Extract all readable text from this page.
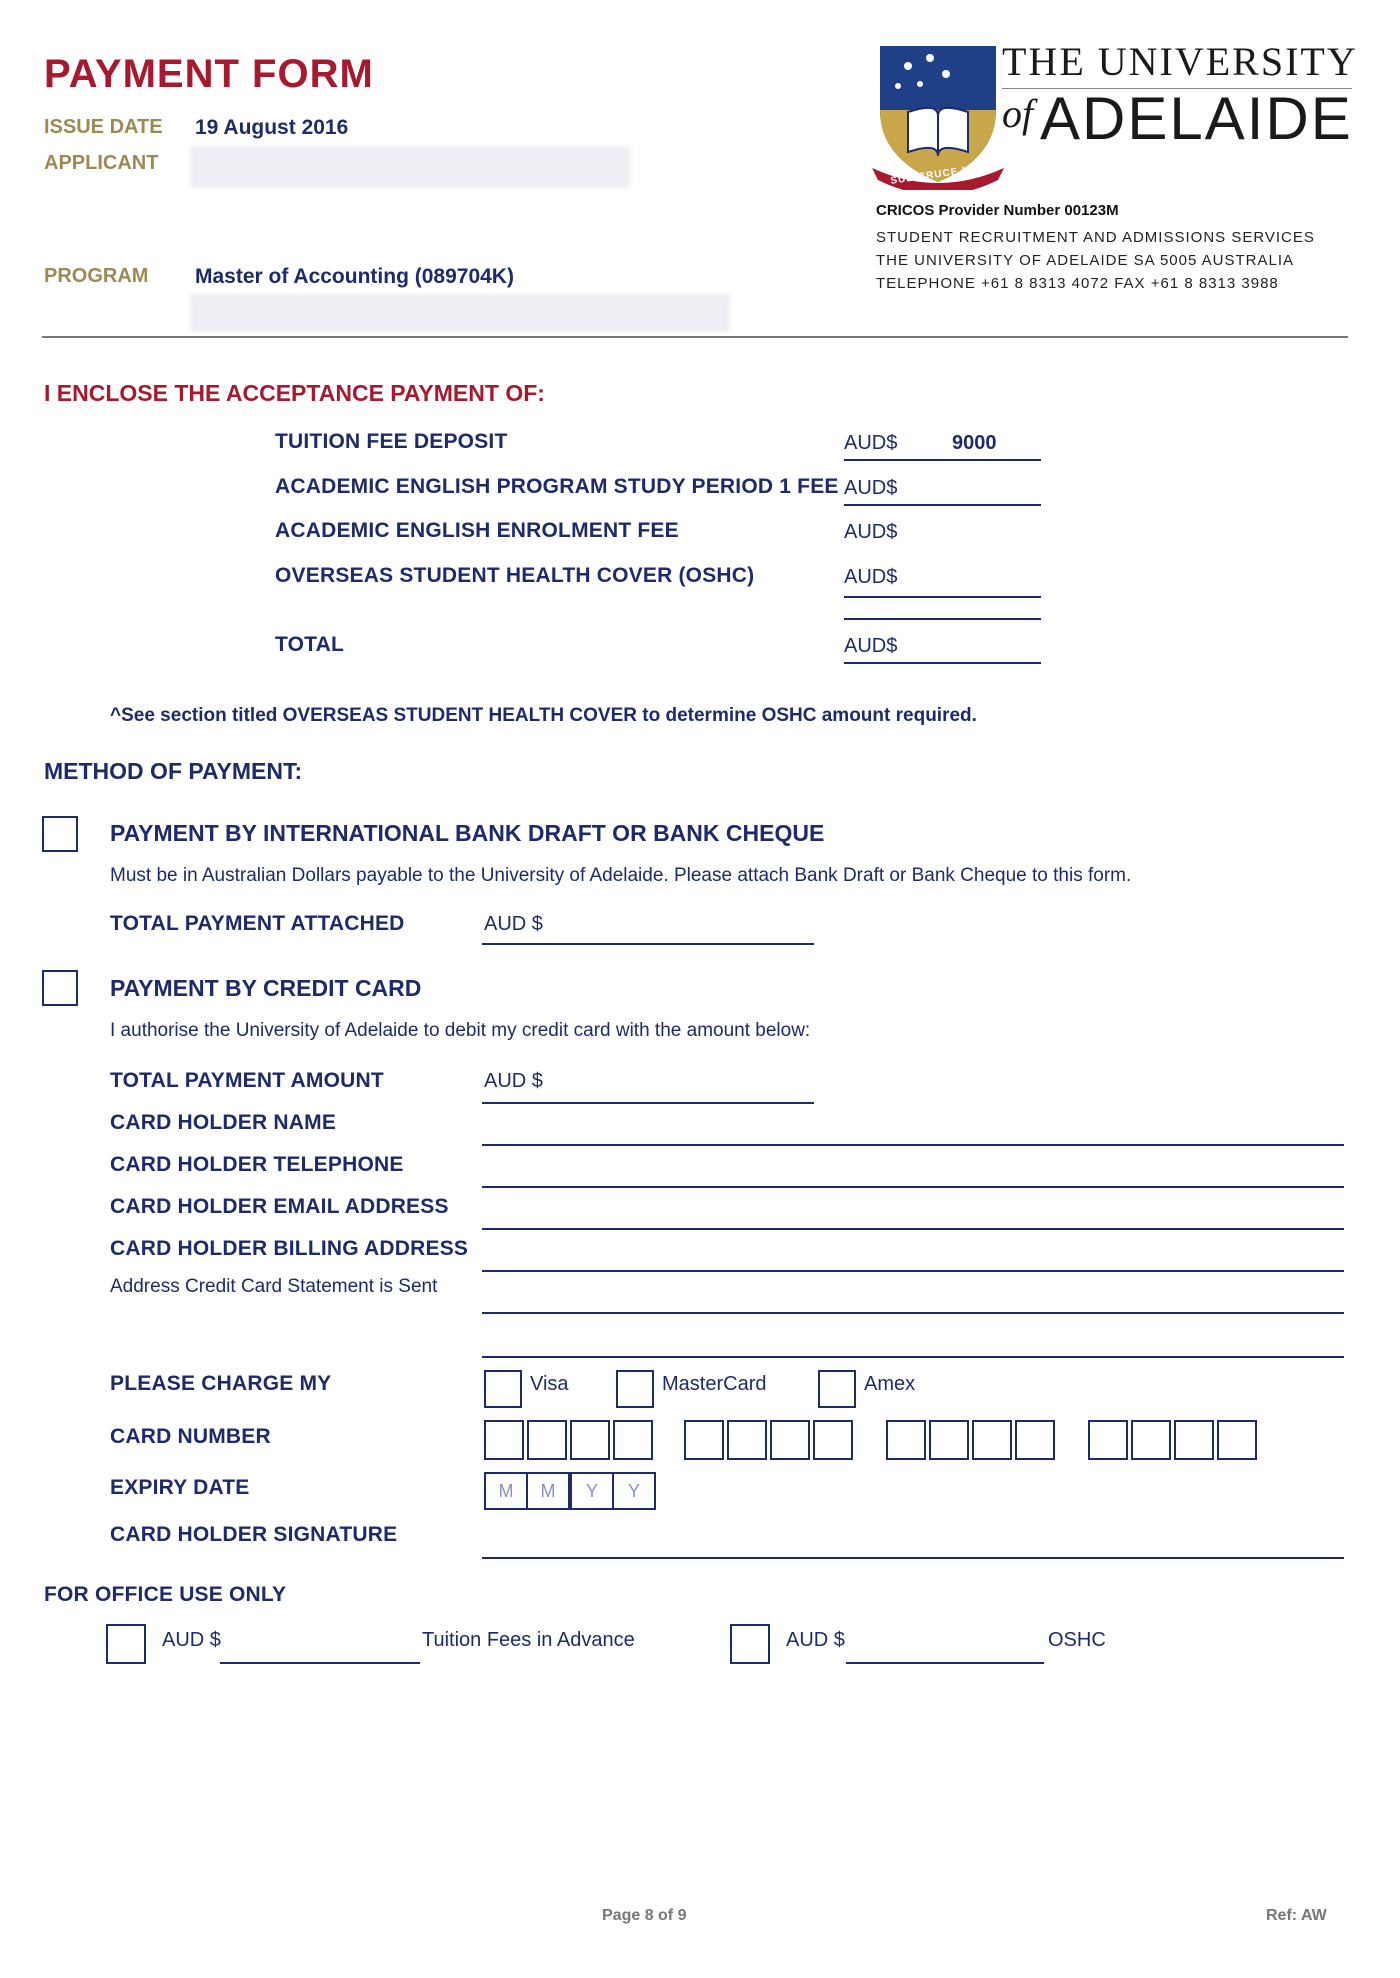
PAYMENT FORM
ISSUE DATE 19 August 2016
APPLICANT
PROGRAM Master of Accounting (089704K)
SUB CRUCE LUMEN
THE UNIVERSITY
of ADELAIDE
CRICOS Provider Number 00123M
STUDENT RECRUITMENT AND ADMISSIONS SERVICES
THE UNIVERSITY OF ADELAIDE SA 5005 AUSTRALIA
TELEPHONE +61 8 8313 4072 FAX +61 8 8313 3988
I ENCLOSE THE ACCEPTANCE PAYMENT OF:
TUITION FEE DEPOSIT	AUD$	9000
ACADEMIC ENGLISH PROGRAM STUDY PERIOD 1 FEE AUD$
ACADEMIC ENGLISH ENROLMENT FEE	AUD$
OVERSEAS STUDENT HEALTH COVER (OSHC)	AUD$
TOTAL	AUD$
^See section titled OVERSEAS STUDENT HEALTH COVER to determine OSHC amount required.
METHOD OF PAYMENT:
PAYMENT BY INTERNATIONAL BANK DRAFT OR BANK CHEQUE
Must be in Australian Dollars payable to the University of Adelaide. Please attach Bank Draft or Bank Cheque to this form.
TOTAL PAYMENT ATTACHED	AUD $
PAYMENT BY CREDIT CARD
I authorise the University of Adelaide to debit my credit card with the amount below:
TOTAL PAYMENT AMOUNT	AUD $
CARD HOLDER NAME
CARD HOLDER TELEPHONE
CARD HOLDER EMAIL ADDRESS
CARD HOLDER BILLING ADDRESS
Address Credit Card Statement is Sent
PLEASE CHARGE MY	Visa	MasterCard	Amex
CARD NUMBER
EXPIRY DATE	M	M	Y	Y
CARD HOLDER SIGNATURE
FOR OFFICE USE ONLY
AUD $	Tuition Fees in Advance	AUD $	OSHC
Page 8 of 9	Ref: AW
